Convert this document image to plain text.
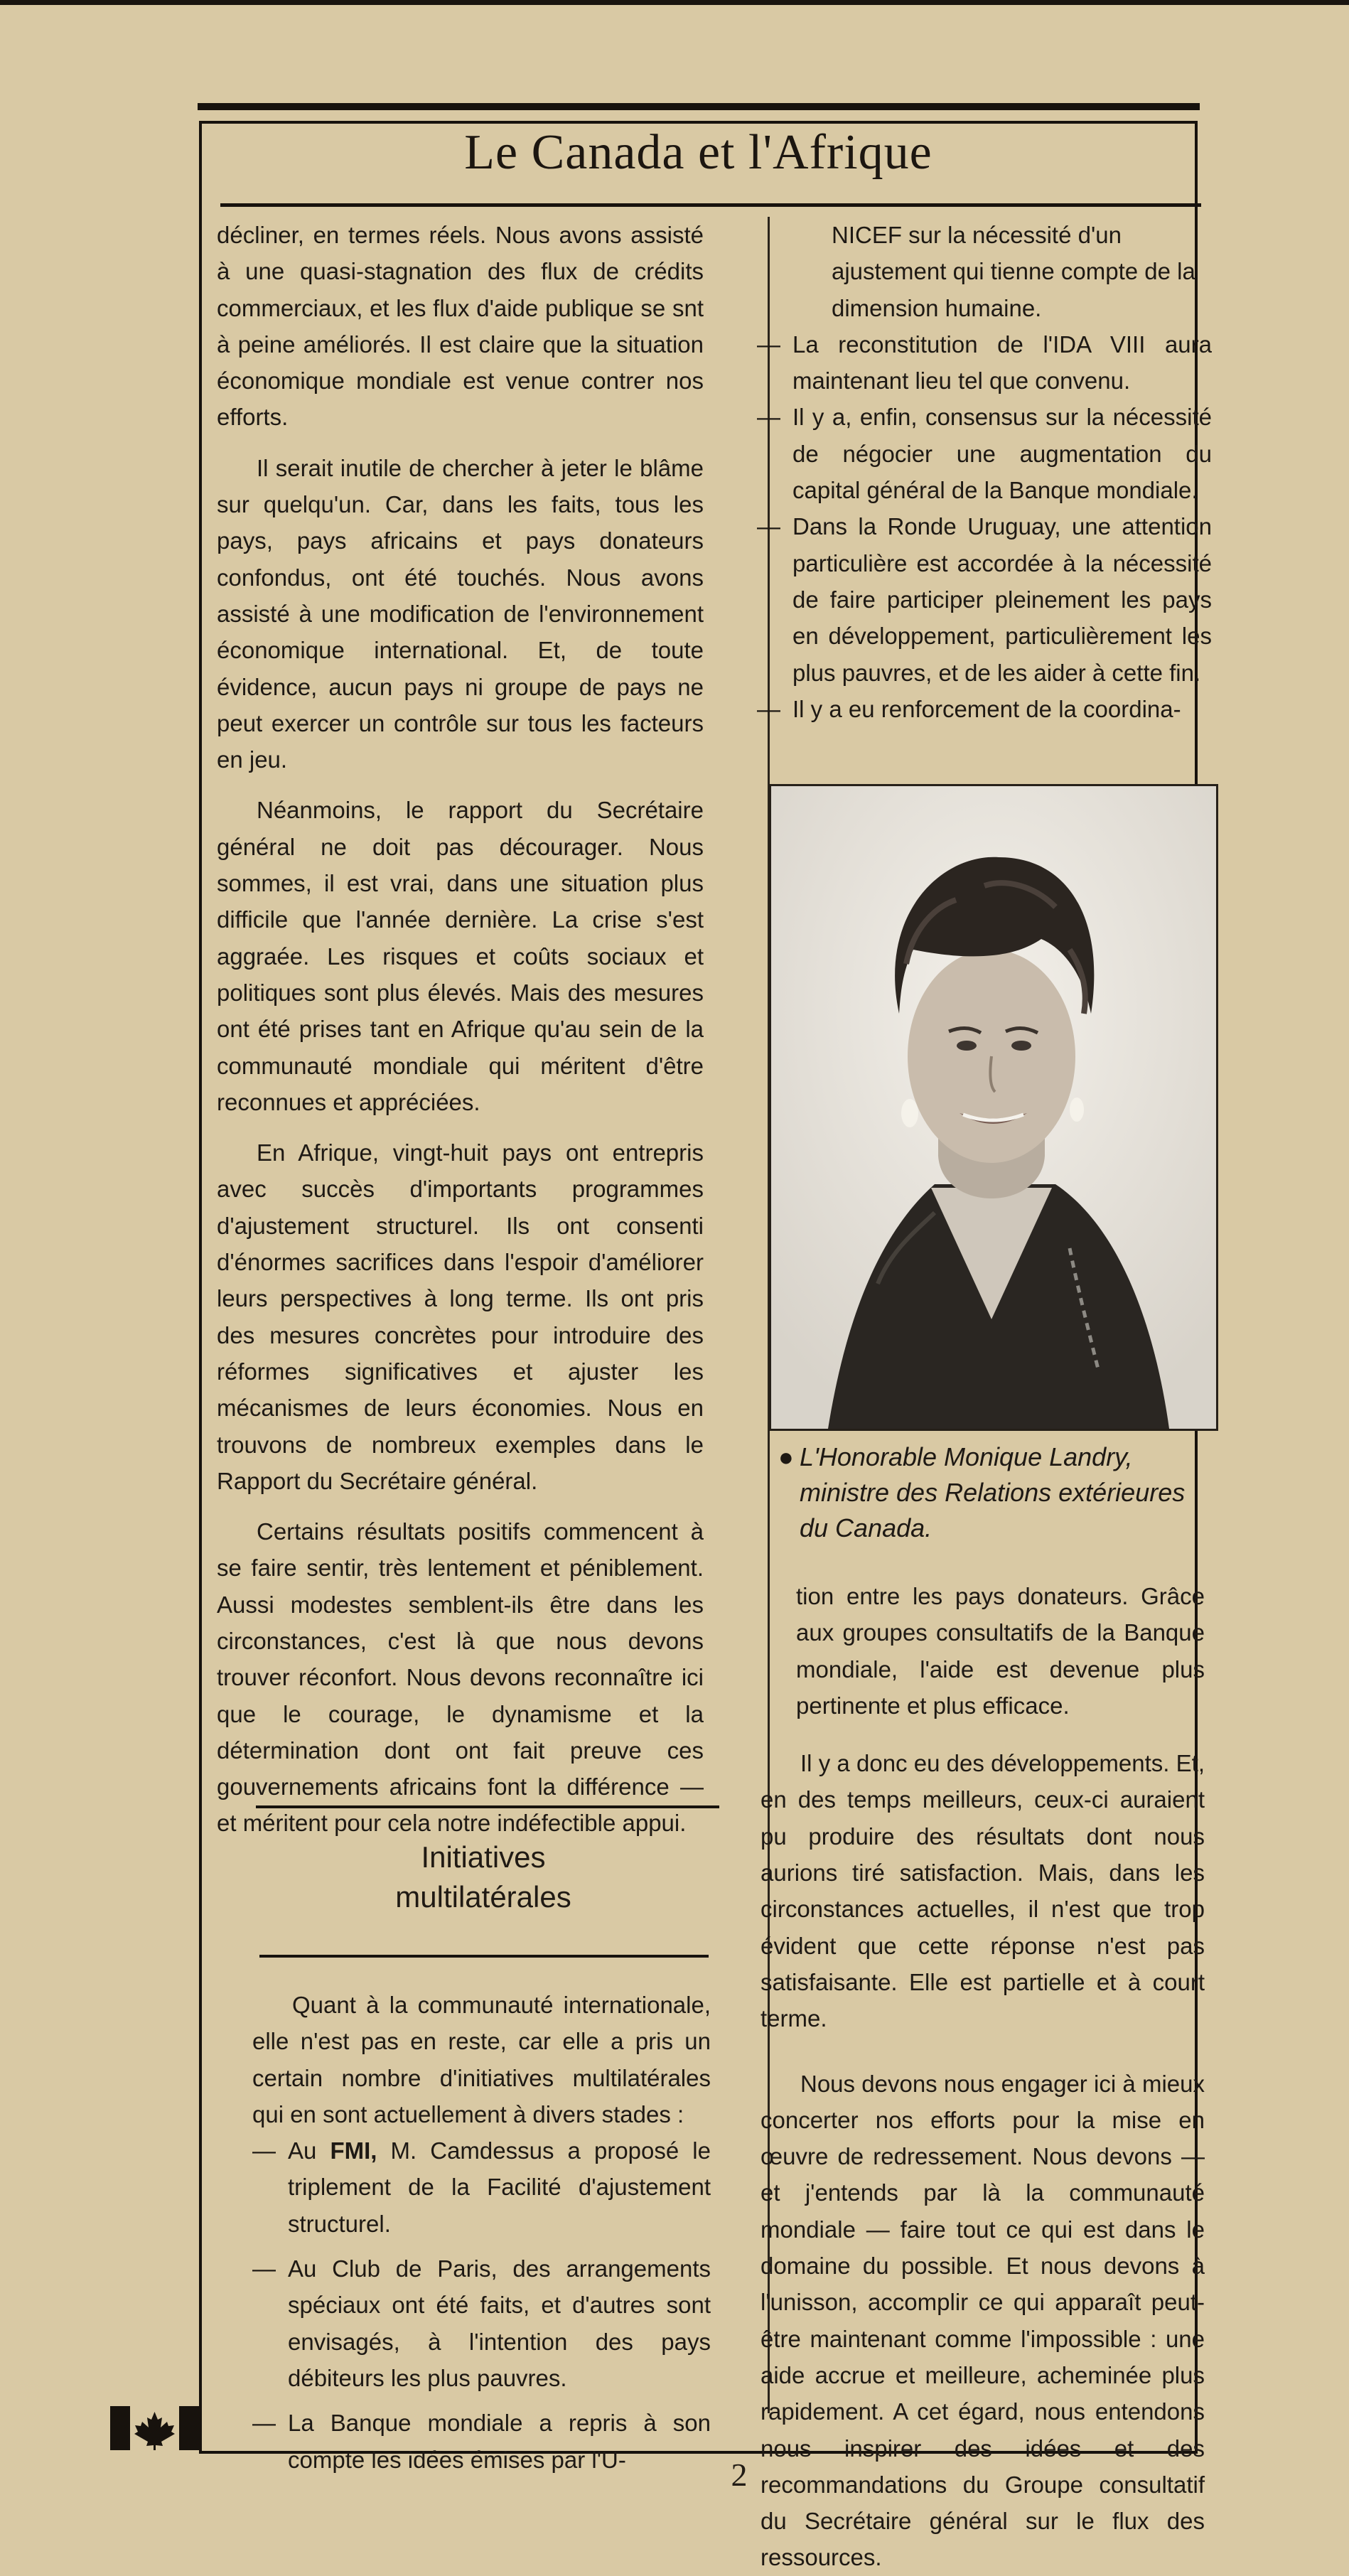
Le Canada et l'Afrique

décliner, en termes réels. Nous avons assisté à une quasi-stagnation des flux de crédits commerciaux, et les flux d'aide publique se snt à peine améliorés. Il est claire que la situation économique mondiale est venue contrer nos efforts.

Il serait inutile de chercher à jeter le blâme sur quelqu'un. Car, dans les faits, tous les pays, pays africains et pays donateurs confondus, ont été touchés. Nous avons assisté à une modification de l'environnement économique international. Et, de toute évidence, aucun pays ni groupe de pays ne peut exercer un contrôle sur tous les facteurs en jeu.

Néanmoins, le rapport du Secrétaire général ne doit pas décourager. Nous sommes, il est vrai, dans une situation plus difficile que l'année dernière. La crise s'est aggraée. Les risques et coûts sociaux et politiques sont plus élevés. Mais des mesures ont été prises tant en Afrique qu'au sein de la communauté mondiale qui méritent d'être reconnues et appréciées.

En Afrique, vingt-huit pays ont entrepris avec succès d'importants programmes d'ajustement structurel. Ils ont consenti d'énormes sacrifices dans l'espoir d'améliorer leurs perspectives à long terme. Ils ont pris des mesures concrètes pour introduire des réformes significatives et ajuster les mécanismes de leurs économies. Nous en trouvons de nombreux exemples dans le Rapport du Secrétaire général.

Certains résultats positifs commencent à se faire sentir, très lentement et péniblement. Aussi modestes semblent-ils être dans les circonstances, c'est là que nous devons trouver réconfort. Nous devons reconnaître ici que le courage, le dynamisme et la détermination dont ont fait preuve ces gouvernements africains font la différence — et méritent pour cela notre indéfectible appui.

Initiatives
multilatérales

Quant à la communauté internationale, elle n'est pas en reste, car elle a pris un certain nombre d'initiatives multilatérales qui en sont actuellement à divers stades :

— Au FMI, M. Camdessus a proposé le triplement de la Facilité d'ajustement structurel.

— Au Club de Paris, des arrangements spéciaux ont été faits, et d'autres sont envisagés, à l'intention des pays débiteurs les plus pauvres.

— La Banque mondiale a repris à son compte les idées émises par l'U-

NICEF sur la nécessité d'un ajustement qui tienne compte de la dimension humaine.

— La reconstitution de l'IDA VIII aura maintenant lieu tel que convenu.

— Il y a, enfin, consensus sur la nécessité de négocier une augmentation du capital général de la Banque mondiale.

— Dans la Ronde Uruguay, une attention particulière est accordée à la nécessité de faire participer pleinement les pays en développement, particulièrement les plus pauvres, et de les aider à cette fin.

— Il y a eu renforcement de la coordina-

● L'Honorable Monique Landry, ministre des Relations extérieures du Canada.

tion entre les pays donateurs. Grâce aux groupes consultatifs de la Banque mondiale, l'aide est devenue plus pertinente et plus efficace.

Il y a donc eu des développements. Et, en des temps meilleurs, ceux-ci auraient pu produire des résultats dont nous aurions tiré satisfaction. Mais, dans les circonstances actuelles, il n'est que trop évident que cette réponse n'est pas satisfaisante. Elle est partielle et à court terme.

Nous devons nous engager ici à mieux concerter nos efforts pour la mise en œuvre de redressement. Nous devons — et j'entends par là la communauté mondiale — faire tout ce qui est dans le domaine du possible. Et nous devons à l'unisson, accomplir ce qui apparaît peut-être maintenant comme l'impossible : une aide accrue et meilleure, acheminée plus rapidement. A cet égard, nous entendons nous inspirer des idées et des recommandations du Groupe consultatif du Secrétaire général sur le flux des ressources.

2
